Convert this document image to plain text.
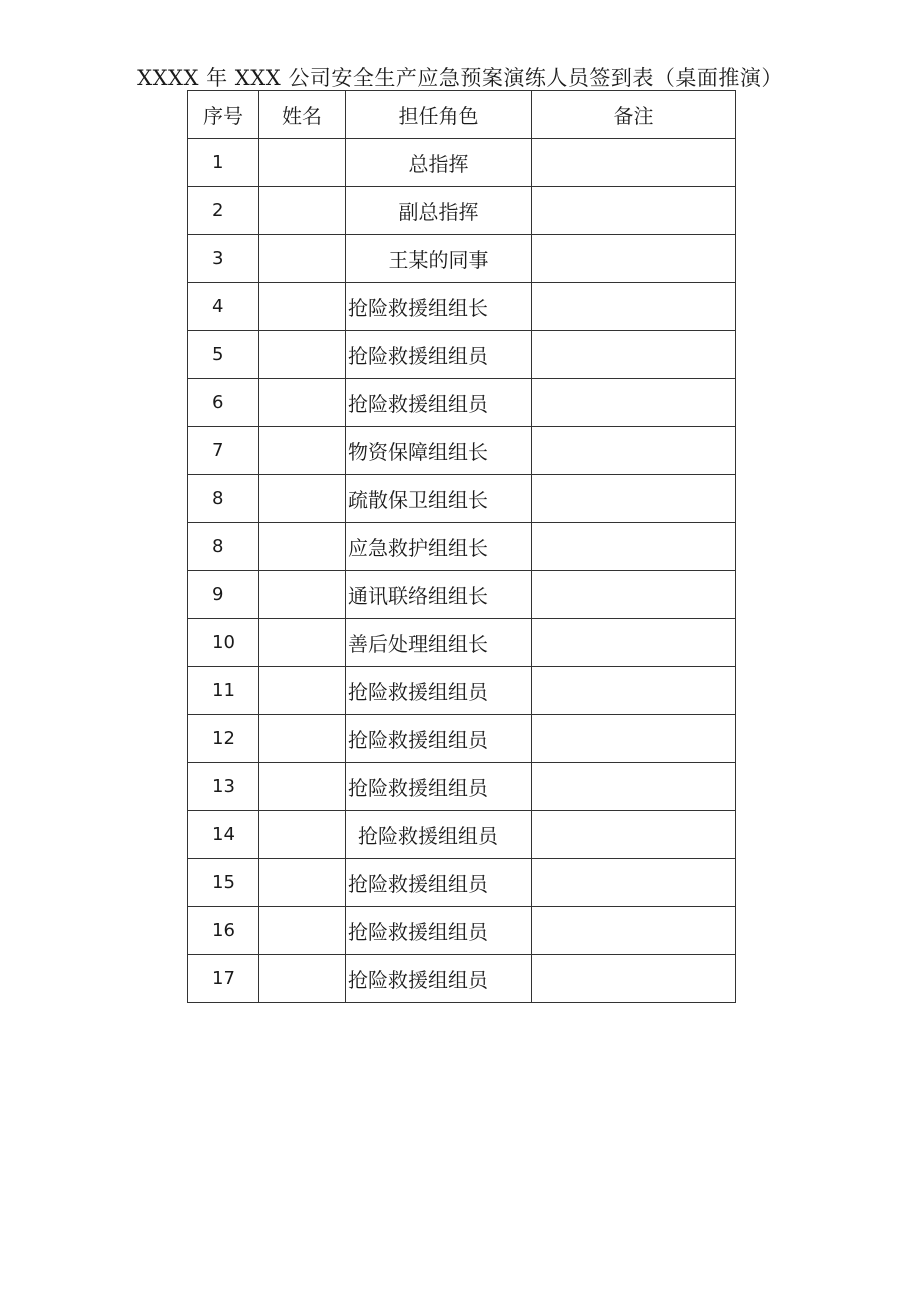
XXXX 年 XXX 公司安全生产应急预案演练人员签到表（桌面推演）
序号	姓名	担任角色	备注
1		总指挥	
2		副总指挥	
3		王某的同事	
4		抢险救援组组长	
5		抢险救援组组员	
6		抢险救援组组员	
7		物资保障组组长	
8		疏散保卫组组长	
8		应急救护组组长	
9		通讯联络组组长	
10		善后处理组组长	
11		抢险救援组组员	
12		抢险救援组组员	
13		抢险救援组组员	
14		抢险救援组组员	
15		抢险救援组组员	
16		抢险救援组组员	
17		抢险救援组组员	
